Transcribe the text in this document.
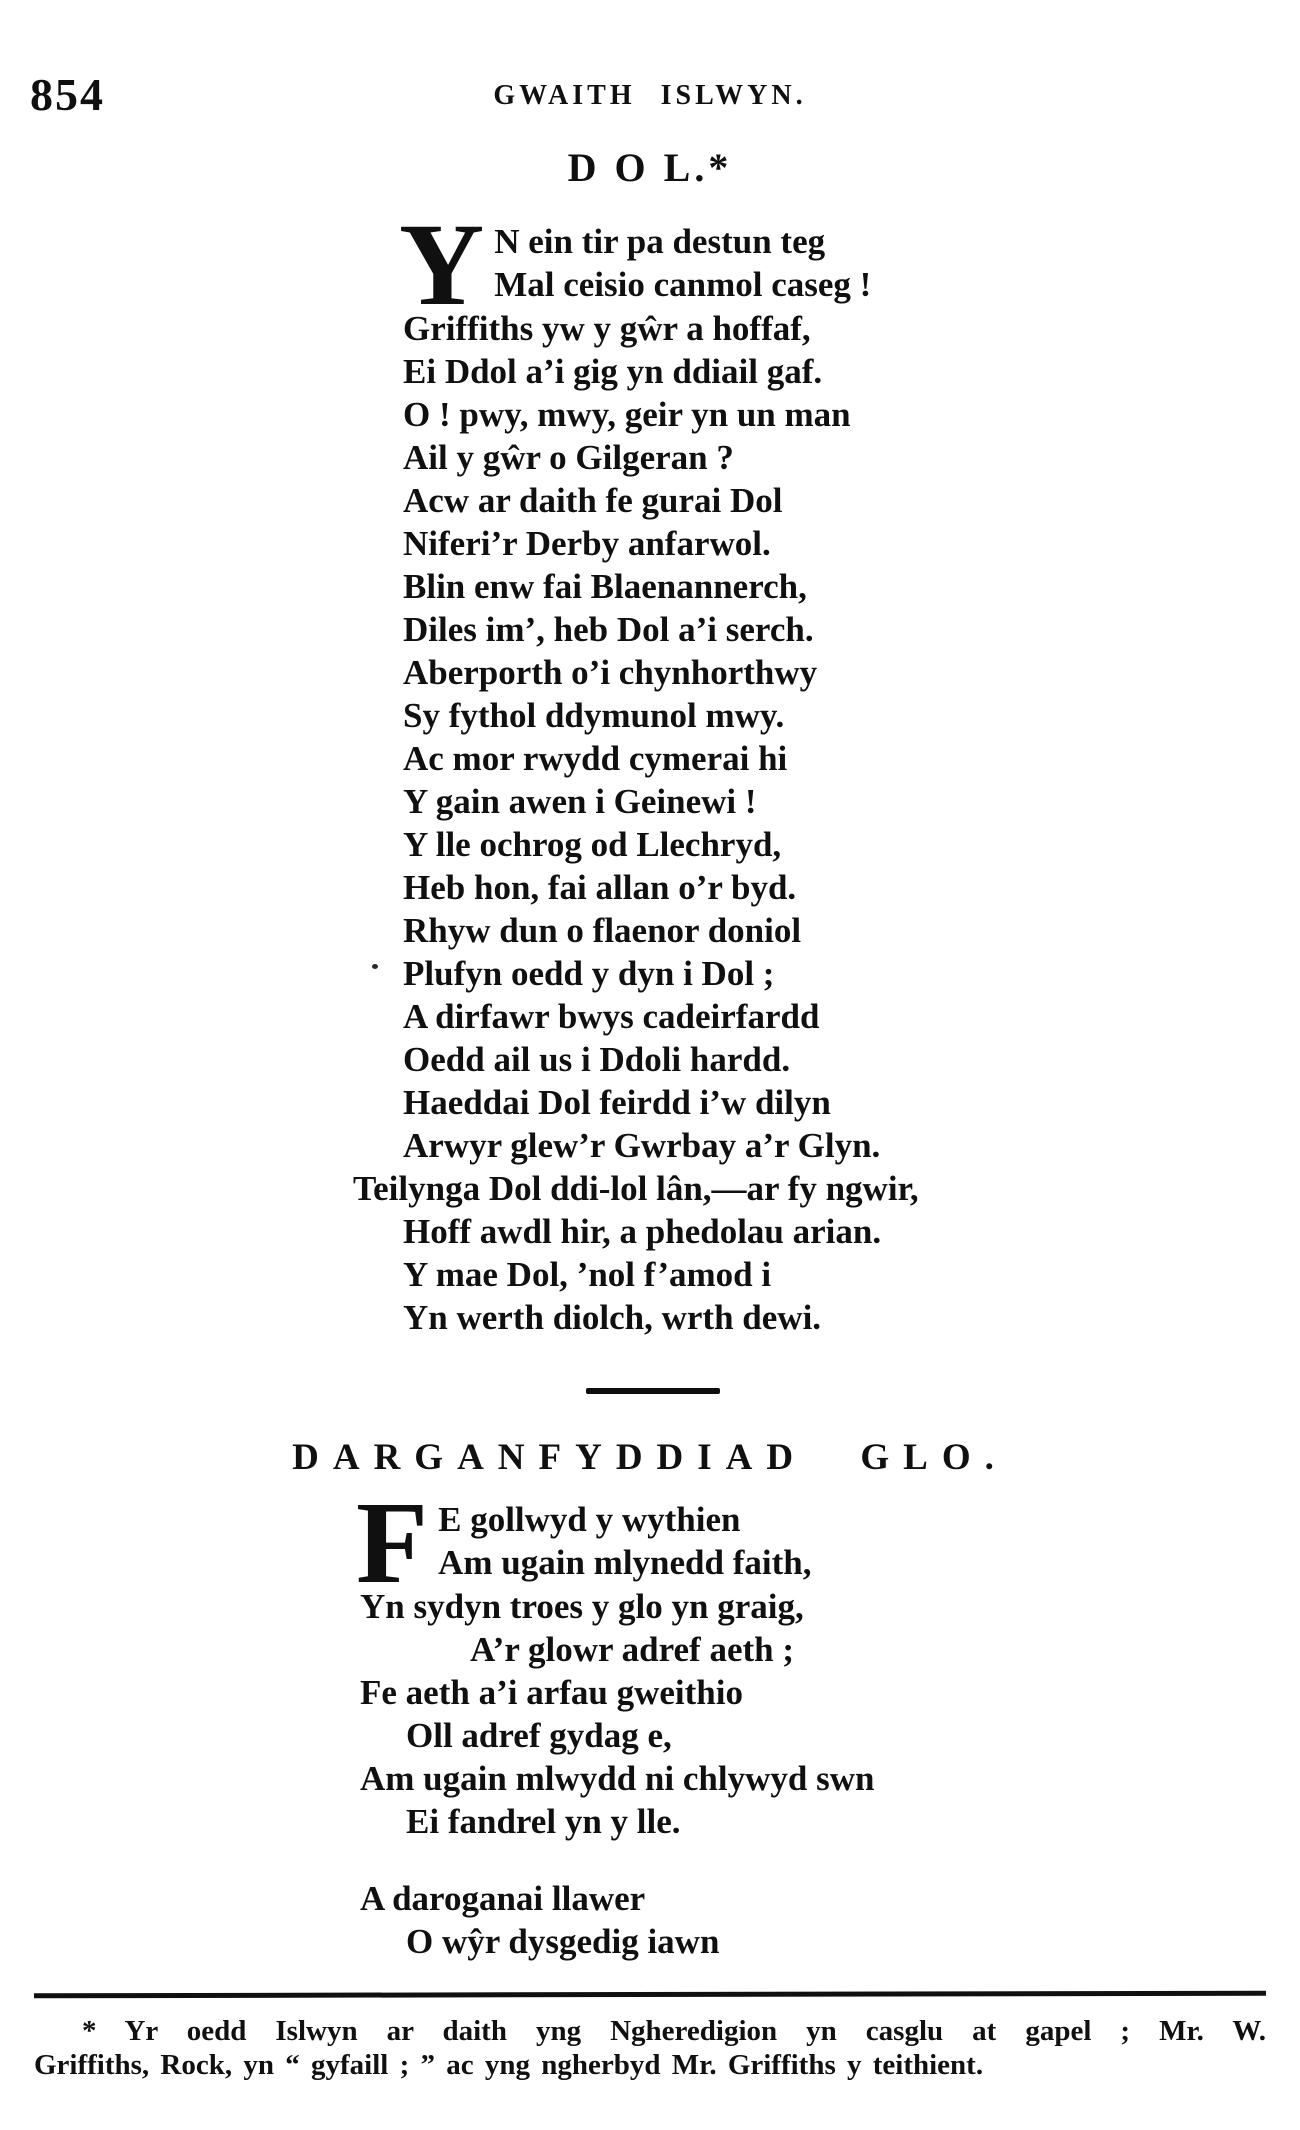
854	GWAITH ISLWYN.
D O L.*
Y N ein tir pa destun teg
Mal ceisio canmol caseg !
Griffiths yw y gŵr a hoffaf,
Ei Ddol a’i gig yn ddiail gaf.
O ! pwy, mwy, geir yn un man
Ail y gŵr o Gilgeran ?
Acw ar daith fe gurai Dol
Niferi’r Derby anfarwol.
Blin enw fai Blaenannerch,
Diles im’, heb Dol a’i serch.
Aberporth o’i chynhorthwy
Sy fythol ddymunol mwy.
Ac mor rwydd cymerai hi
Y gain awen i Geinewi !
Y lle ochrog od Llechryd,
Heb hon, fai allan o’r byd.
Rhyw dun o flaenor doniol
Plufyn oedd y dyn i Dol ;
A dirfawr bwys cadeirfardd
Oedd ail us i Ddoli hardd.
Haeddai Dol feirdd i’w dilyn
Arwyr glew’r Gwrbay a’r Glyn.
Teilynga Dol ddi-lol lân,—ar fy ngwir,
Hoff awdl hir, a phedolau arian.
Y mae Dol, ’nol f’amod i
Yn werth diolch, wrth dewi.
DARGANFYDDIAD GLO.
F E gollwyd y wythien
Am ugain mlynedd faith,
Yn sydyn troes y glo yn graig,
A’r glowr adref aeth ;
Fe aeth a’i arfau gweithio
Oll adref gydag e,
Am ugain mlwydd ni chlywyd swn
Ei fandrel yn y lle.
A daroganai llawer
O wŷr dysgedig iawn
* Yr oedd Islwyn ar daith yng Ngheredigion yn casglu at gapel ; Mr. W.
Griffiths, Rock, yn “ gyfaill ; ” ac yng ngherbyd Mr. Griffiths y teithient.
